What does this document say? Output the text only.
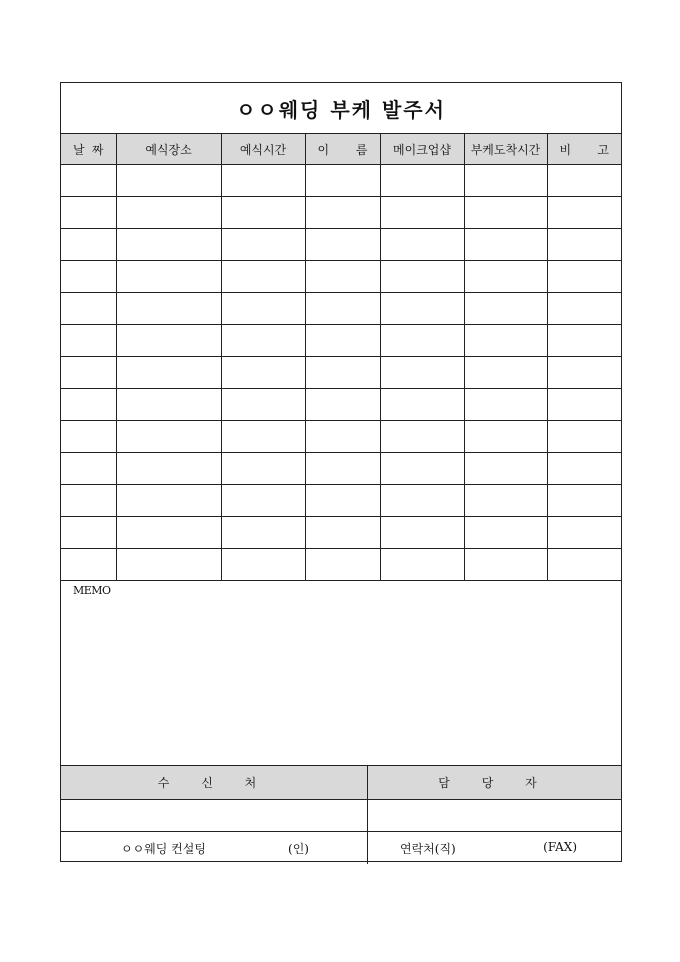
ㅇㅇ웨딩 부케 발주서
날 짜	예식장소	예식시간	이 름	메이크업샵	부케도착시간	비 고

MEMO
수 신 처	담 당 자
ㅇㅇ웨딩 컨설팅	(인)	연락처(직)	(FAX)
